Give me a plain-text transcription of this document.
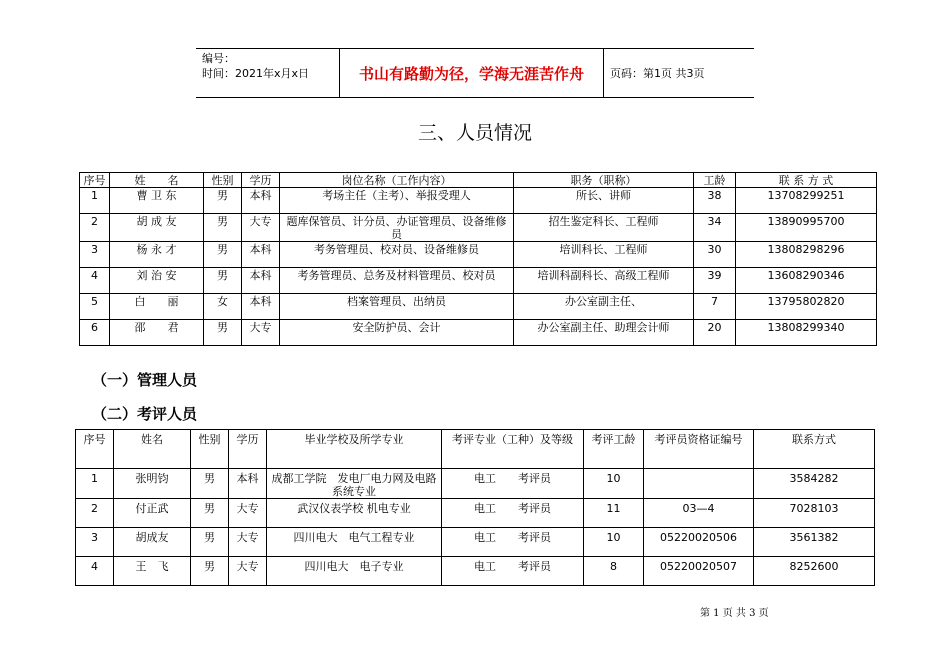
编号：
时间：2021年x月x日	书山有路勤为径，学海无涯苦作舟	页码：第1页 共3页
三、人员情况
序号	姓　　名	性别	学历	岗位名称（工作内容）	职务（职称）	工龄	联 系 方 式
1	曹 卫 东	男	本科	考场主任（主考）、举报受理人	所长、讲师	38	13708299251
2	胡 成 友	男	大专	题库保管员、计分员、办证管理员、设备维修员	招生鉴定科长、工程师	34	13890995700
3	杨 永 才	男	本科	考务管理员、校对员、设备维修员	培训科长、工程师	30	13808298296
4	刘 治 安	男	本科	考务管理员、总务及材料管理员、校对员	培训科副科长、高级工程师	39	13608290346
5	白　　丽	女	本科	档案管理员、出纳员	办公室副主任、	7	13795802820
6	邵　　君	男	大专	安全防护员、会计	办公室副主任、助理会计师	20	13808299340
（一）管理人员
（二）考评人员
序号	姓名	性别	学历	毕业学校及所学专业	考评专业（工种）及等级	考评工龄	考评员资格证编号	联系方式
1	张明钧	男	本科	成都工学院　发电厂电力网及电路系统专业	电工　　考评员	10		3584282
2	付正武	男	大专	武汉仪表学校 机电专业	电工　　考评员	11	03—4	7028103
3	胡成友	男	大专	四川电大　电气工程专业	电工　　考评员	10	05220020506	3561382
4	王　飞	男	大专	四川电大　电子专业	电工　　考评员	8	05220020507	8252600
第 1 页 共 3 页
